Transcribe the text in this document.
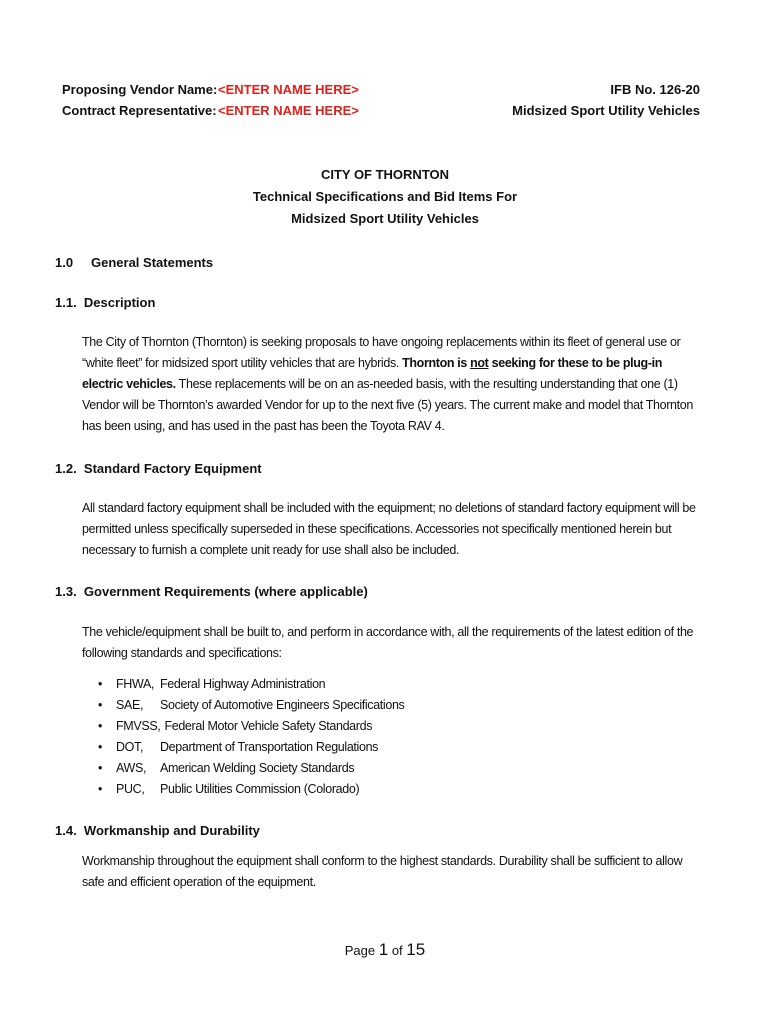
Proposing Vendor Name: <ENTER NAME HERE>
Contract Representative: <ENTER NAME HERE>
IFB No. 126-20
Midsized Sport Utility Vehicles
CITY OF THORNTON
Technical Specifications and Bid Items For
Midsized Sport Utility Vehicles
1.0 General Statements
1.1.  Description
The City of Thornton (Thornton) is seeking proposals to have ongoing replacements within its fleet of general use or “white fleet” for midsized sport utility vehicles that are hybrids. Thornton is not seeking for these to be plug-in electric vehicles. These replacements will be on an as-needed basis, with the resulting understanding that one (1) Vendor will be Thornton’s awarded Vendor for up to the next five (5) years. The current make and model that Thornton has been using, and has used in the past has been the Toyota RAV 4.
1.2.  Standard Factory Equipment
All standard factory equipment shall be included with the equipment; no deletions of standard factory equipment will be permitted unless specifically superseded in these specifications. Accessories not specifically mentioned herein but necessary to furnish a complete unit ready for use shall also be included.
1.3.  Government Requirements (where applicable)
The vehicle/equipment shall be built to, and perform in accordance with, all the requirements of the latest edition of the following standards and specifications:
•	FHWA, Federal Highway Administration
•	SAE,	Society of Automotive Engineers Specifications
•	FMVSS, Federal Motor Vehicle Safety Standards
•	DOT,	Department of Transportation Regulations
•	AWS,	American Welding Society Standards
•	PUC,	Public Utilities Commission (Colorado)
1.4.  Workmanship and Durability
Workmanship throughout the equipment shall conform to the highest standards. Durability shall be sufficient to allow safe and efficient operation of the equipment.
Page 1 of 15
